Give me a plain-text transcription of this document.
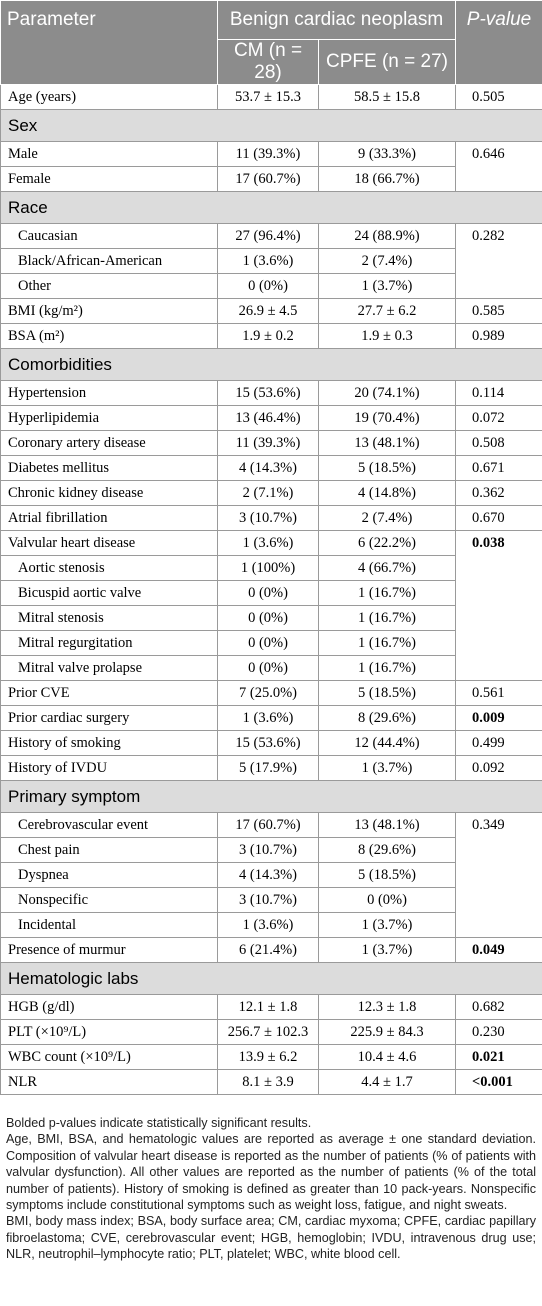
Parameter	Benign cardiac neoplasm		P-value
	CM (n = 28)	CPFE (n = 27)	
Age (years)	53.7 ± 15.3	58.5 ± 15.8	0.505
Sex			
Male	11 (39.3%)	9 (33.3%)	0.646
Female	17 (60.7%)	18 (66.7%)	
Race			
Caucasian	27 (96.4%)	24 (88.9%)	0.282
Black/African-American	1 (3.6%)	2 (7.4%)	
Other	0 (0%)	1 (3.7%)	
BMI (kg/m²)	26.9 ± 4.5	27.7 ± 6.2	0.585
BSA (m²)	1.9 ± 0.2	1.9 ± 0.3	0.989
Comorbidities			
Hypertension	15 (53.6%)	20 (74.1%)	0.114
Hyperlipidemia	13 (46.4%)	19 (70.4%)	0.072
Coronary artery disease	11 (39.3%)	13 (48.1%)	0.508
Diabetes mellitus	4 (14.3%)	5 (18.5%)	0.671
Chronic kidney disease	2 (7.1%)	4 (14.8%)	0.362
Atrial fibrillation	3 (10.7%)	2 (7.4%)	0.670
Valvular heart disease	1 (3.6%)	6 (22.2%)	0.038
Aortic stenosis	1 (100%)	4 (66.7%)	
Bicuspid aortic valve	0 (0%)	1 (16.7%)	
Mitral stenosis	0 (0%)	1 (16.7%)	
Mitral regurgitation	0 (0%)	1 (16.7%)	
Mitral valve prolapse	0 (0%)	1 (16.7%)	
Prior CVE	7 (25.0%)	5 (18.5%)	0.561
Prior cardiac surgery	1 (3.6%)	8 (29.6%)	0.009
History of smoking	15 (53.6%)	12 (44.4%)	0.499
History of IVDU	5 (17.9%)	1 (3.7%)	0.092
Primary symptom			
Cerebrovascular event	17 (60.7%)	13 (48.1%)	0.349
Chest pain	3 (10.7%)	8 (29.6%)	
Dyspnea	4 (14.3%)	5 (18.5%)	
Nonspecific	3 (10.7%)	0 (0%)	
Incidental	1 (3.6%)	1 (3.7%)	
Presence of murmur	6 (21.4%)	1 (3.7%)	0.049
Hematologic labs			
HGB (g/dl)	12.1 ± 1.8	12.3 ± 1.8	0.682
PLT (×10⁹/L)	256.7 ± 102.3	225.9 ± 84.3	0.230
WBC count (×10⁹/L)	13.9 ± 6.2	10.4 ± 4.6	0.021
NLR	8.1 ± 3.9	4.4 ± 1.7	<0.001

Bolded p-values indicate statistically significant results.

Age, BMI, BSA, and hematologic values are reported as average ± one standard deviation. Composition of valvular heart disease is reported as the number of patients (% of patients with valvular dysfunction). All other values are reported as the number of patients (% of the total number of patients). History of smoking is defined as greater than 10 pack-years. Nonspecific symptoms include constitutional symptoms such as weight loss, fatigue, and night sweats.

BMI, body mass index; BSA, body surface area; CM, cardiac myxoma; CPFE, cardiac papillary fibroelastoma; CVE, cerebrovascular event; HGB, hemoglobin; IVDU, intravenous drug use; NLR, neutrophil–lymphocyte ratio; PLT, platelet; WBC, white blood cell.
